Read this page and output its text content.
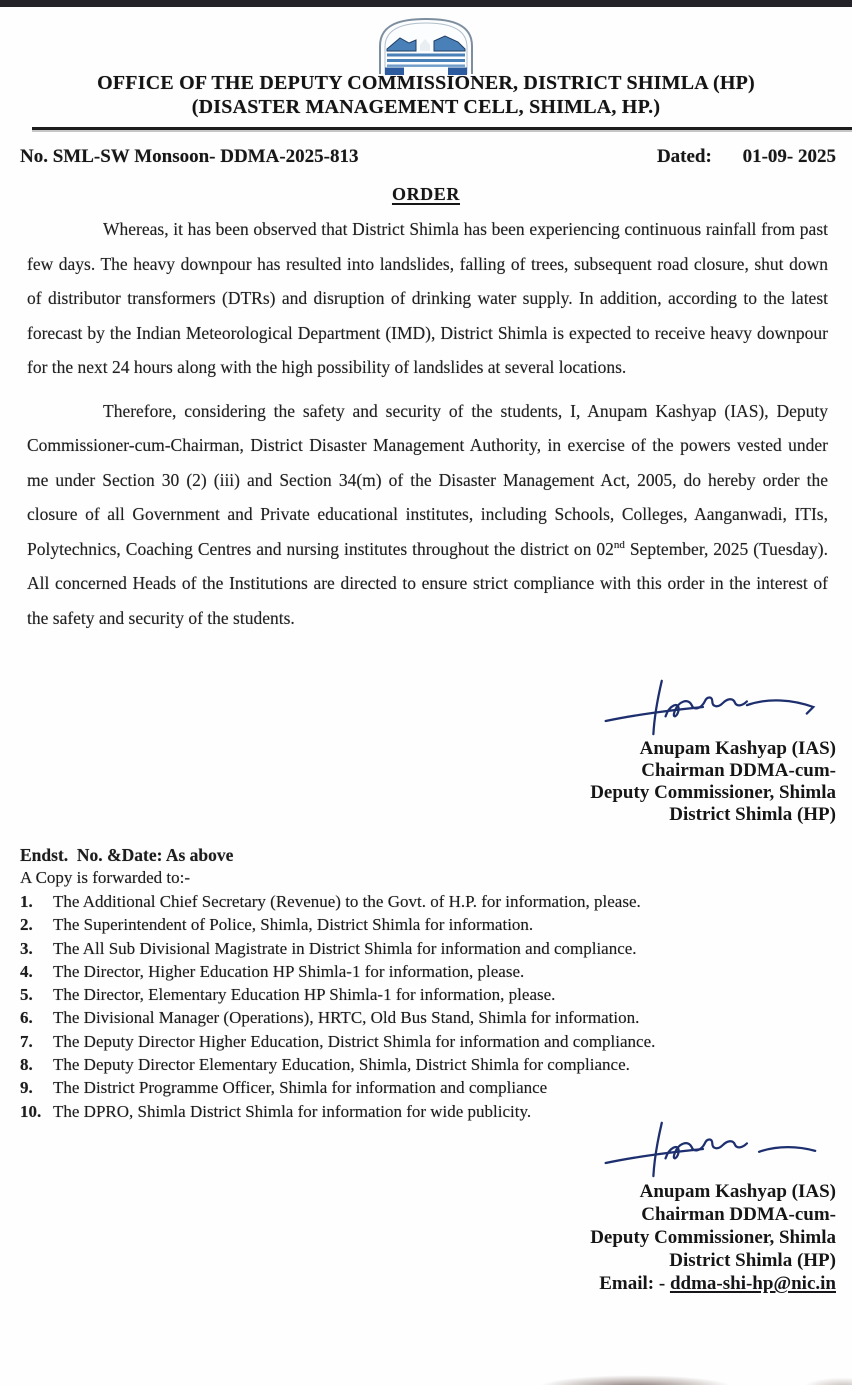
OFFICE OF THE DEPUTY COMMISSIONER, DISTRICT SHIMLA (HP)
(DISASTER MANAGEMENT CELL, SHIMLA, HP.)
No. SML-SW Monsoon- DDMA-2025-813	Dated: 01-09- 2025
ORDER

Whereas, it has been observed that District Shimla has been experiencing continuous rainfall from past few days. The heavy downpour has resulted into landslides, falling of trees, subsequent road closure, shut down of distributor transformers (DTRs) and disruption of drinking water supply. In addition, according to the latest forecast by the Indian Meteorological Department (IMD), District Shimla is expected to receive heavy downpour for the next 24 hours along with the high possibility of landslides at several locations.

Therefore, considering the safety and security of the students, I, Anupam Kashyap (IAS), Deputy Commissioner-cum-Chairman, District Disaster Management Authority, in exercise of the powers vested under me under Section 30 (2) (iii) and Section 34(m) of the Disaster Management Act, 2005, do hereby order the closure of all Government and Private educational institutes, including Schools, Colleges, Aanganwadi, ITIs, Polytechnics, Coaching Centres and nursing institutes throughout the district on 02nd September, 2025 (Tuesday). All concerned Heads of the Institutions are directed to ensure strict compliance with this order in the interest of the safety and security of the students.

Anupam Kashyap (IAS)
Chairman DDMA-cum-
Deputy Commissioner, Shimla
District Shimla (HP)
Endst.  No. &Date: As above
A Copy is forwarded to:-
1.	The Additional Chief Secretary (Revenue) to the Govt. of H.P. for information, please.
2.	The Superintendent of Police, Shimla, District Shimla for information.
3.	The All Sub Divisional Magistrate in District Shimla for information and compliance.
4.	The Director, Higher Education HP Shimla-1 for information, please.
5.	The Director, Elementary Education HP Shimla-1 for information, please.
6.	The Divisional Manager (Operations), HRTC, Old Bus Stand, Shimla for information.
7.	The Deputy Director Higher Education, District Shimla for information and compliance.
8.	The Deputy Director Elementary Education, Shimla, District Shimla for compliance.
9.	The District Programme Officer, Shimla for information and compliance
10. The DPRO, Shimla District Shimla for information for wide publicity.
Anupam Kashyap (IAS)
Chairman DDMA-cum-
Deputy Commissioner, Shimla
District Shimla (HP)
Email: - ddma-shi-hp@nic.in
